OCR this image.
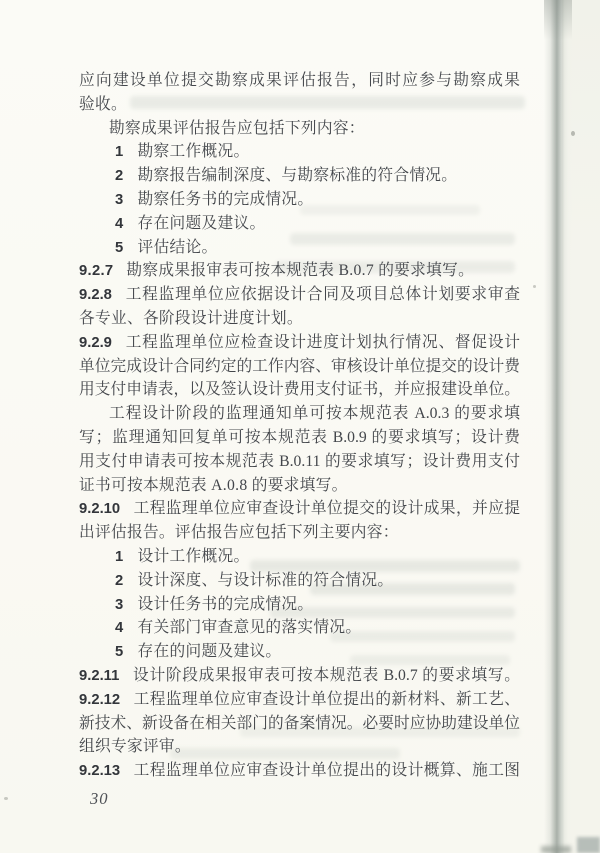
应向建设单位提交勘察成果评估报告，同时应参与勘察成果
验收。
勘察成果评估报告应包括下列内容：
1 勘察工作概况。
2 勘察报告编制深度、与勘察标准的符合情况。
3 勘察任务书的完成情况。
4 存在问题及建议。
5 评估结论。
9.2.7 勘察成果报审表可按本规范表 B.0.7 的要求填写。
9.2.8 工程监理单位应依据设计合同及项目总体计划要求审查
各专业、各阶段设计进度计划。
9.2.9 工程监理单位应检查设计进度计划执行情况、督促设计
单位完成设计合同约定的工作内容、审核设计单位提交的设计费
用支付申请表，以及签认设计费用支付证书，并应报建设单位。
工程设计阶段的监理通知单可按本规范表 A.0.3 的要求填
写；监理通知回复单可按本规范表 B.0.9 的要求填写；设计费
用支付申请表可按本规范表 B.0.11 的要求填写；设计费用支付
证书可按本规范表 A.0.8 的要求填写。
9.2.10 工程监理单位应审查设计单位提交的设计成果，并应提
出评估报告。评估报告应包括下列主要内容：
1 设计工作概况。
2 设计深度、与设计标准的符合情况。
3 设计任务书的完成情况。
4 有关部门审查意见的落实情况。
5 存在的问题及建议。
9.2.11 设计阶段成果报审表可按本规范表 B.0.7 的要求填写。
9.2.12 工程监理单位应审查设计单位提出的新材料、新工艺、
新技术、新设备在相关部门的备案情况。必要时应协助建设单位
组织专家评审。
9.2.13 工程监理单位应审查设计单位提出的设计概算、施工图
30
